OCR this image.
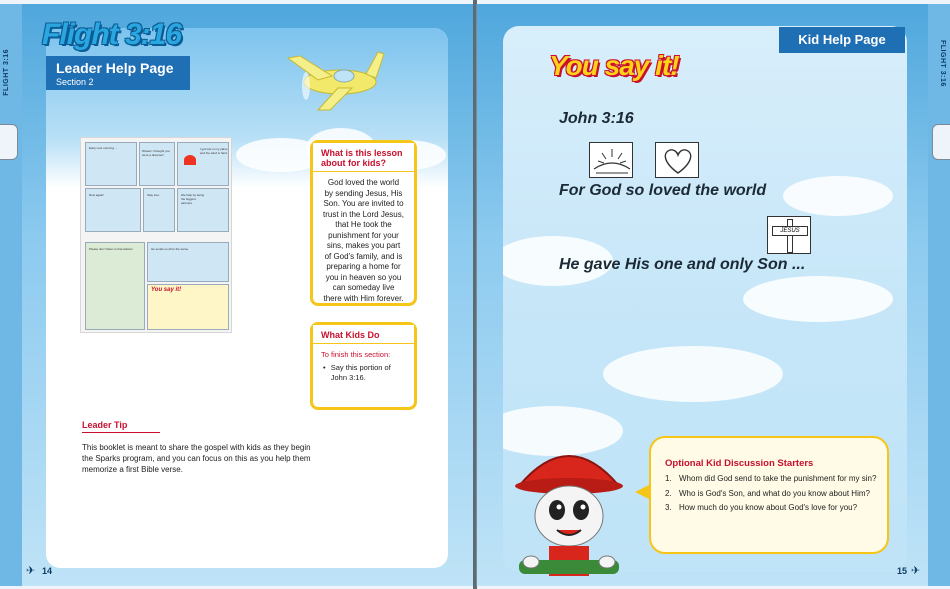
FLIGHT 3:16
Flight 3:16
Leader Help Page
Section 2
Early next morning ...
Wowie! I thought you were a dreamer!
I got lost in my plane and the wind is hard.
Now again!	Stay true.	We help by being the biggest partners.
Please don't listen to that advice!	He sends us all to the same.
You say it!
What is this lesson about for kids?
God loved the world by sending Jesus, His Son. You are invited to trust in the Lord Jesus, that He took the punishment for your sins, makes you part of God's family, and is preparing a home for you in heaven so you can someday live there with Him forever.
What Kids Do
To finish this section:
• Say this portion of John 3:16.
Leader Tip
This booklet is meant to share the gospel with kids as they begin the Sparks program, and you can focus on this as you help them memorize a first Bible verse.
✈ 14
FLIGHT 3:16
Kid Help Page
You say it!
John 3:16
For God so loved the world
JESUS
He gave His one and only Son ...
Optional Kid Discussion Starters
1. Whom did God send to take the punishment for my sin?
2. Who is God's Son, and what do you know about Him?
3. How much do you know about God's love for you?
15 ✈
